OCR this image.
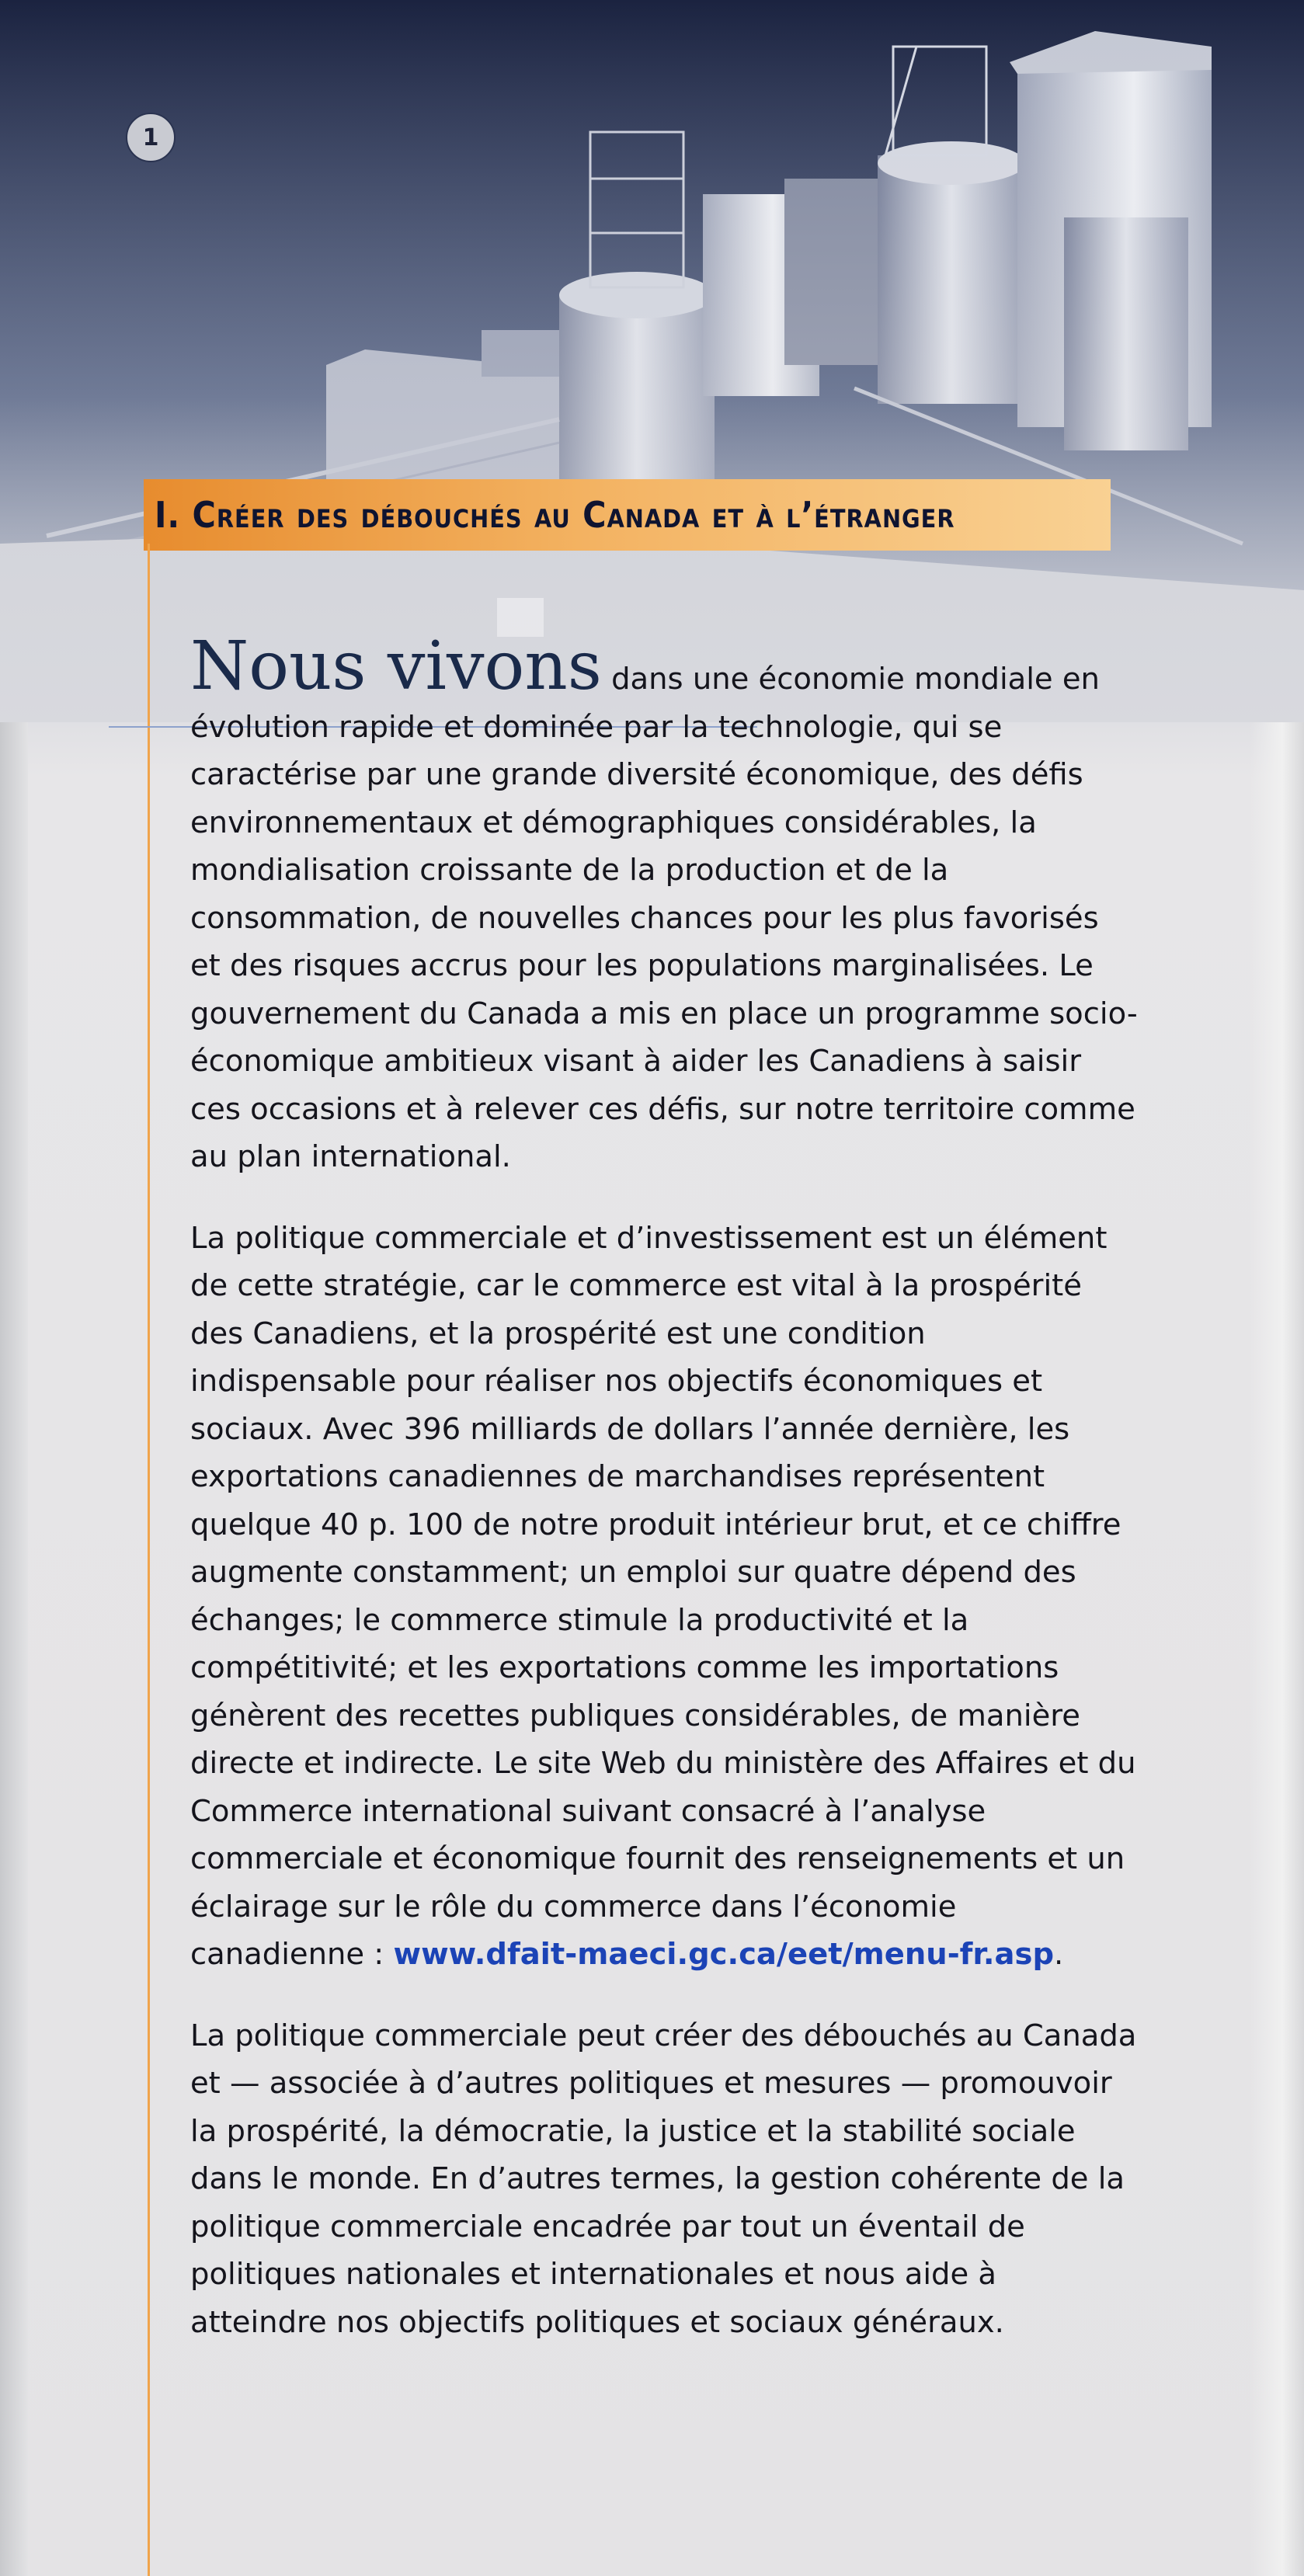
1
I. Créer des débouchés au Canada et à l’étranger

Nous vivons dans une économie mondiale en évolution rapide et dominée par la technologie, qui se caractérise par une grande diversité économique, des défis environnementaux et démographiques considérables, la mondialisation croissante de la production et de la consommation, de nouvelles chances pour les plus favorisés et des risques accrus pour les populations marginalisées. Le gouvernement du Canada a mis en place un programme socio-économique ambitieux visant à aider les Canadiens à saisir ces occasions et à relever ces défis, sur notre territoire comme au plan international.

La politique commerciale et d’investissement est un élément de cette stratégie, car le commerce est vital à la prospérité des Canadiens, et la prospérité est une condition indispensable pour réaliser nos objectifs économiques et sociaux. Avec 396 milliards de dollars l’année dernière, les exportations canadiennes de marchandises représentent quelque 40 p. 100 de notre produit intérieur brut, et ce chiffre augmente constamment; un emploi sur quatre dépend des échanges; le commerce stimule la productivité et la compétitivité; et les exportations comme les importations génèrent des recettes publiques considérables, de manière directe et indirecte. Le site Web du ministère des Affaires et du Commerce international suivant consacré à l’analyse commerciale et économique fournit des renseignements et un éclairage sur le rôle du commerce dans l’économie canadienne : www.dfait-maeci.gc.ca/eet/menu-fr.asp.

La politique commerciale peut créer des débouchés au Canada et — associée à d’autres politiques et mesures — promouvoir la prospérité, la démocratie, la justice et la stabilité sociale dans le monde. En d’autres termes, la gestion cohérente de la politique commerciale encadrée par tout un éventail de politiques nationales et internationales et nous aide à atteindre nos objectifs politiques et sociaux généraux.
